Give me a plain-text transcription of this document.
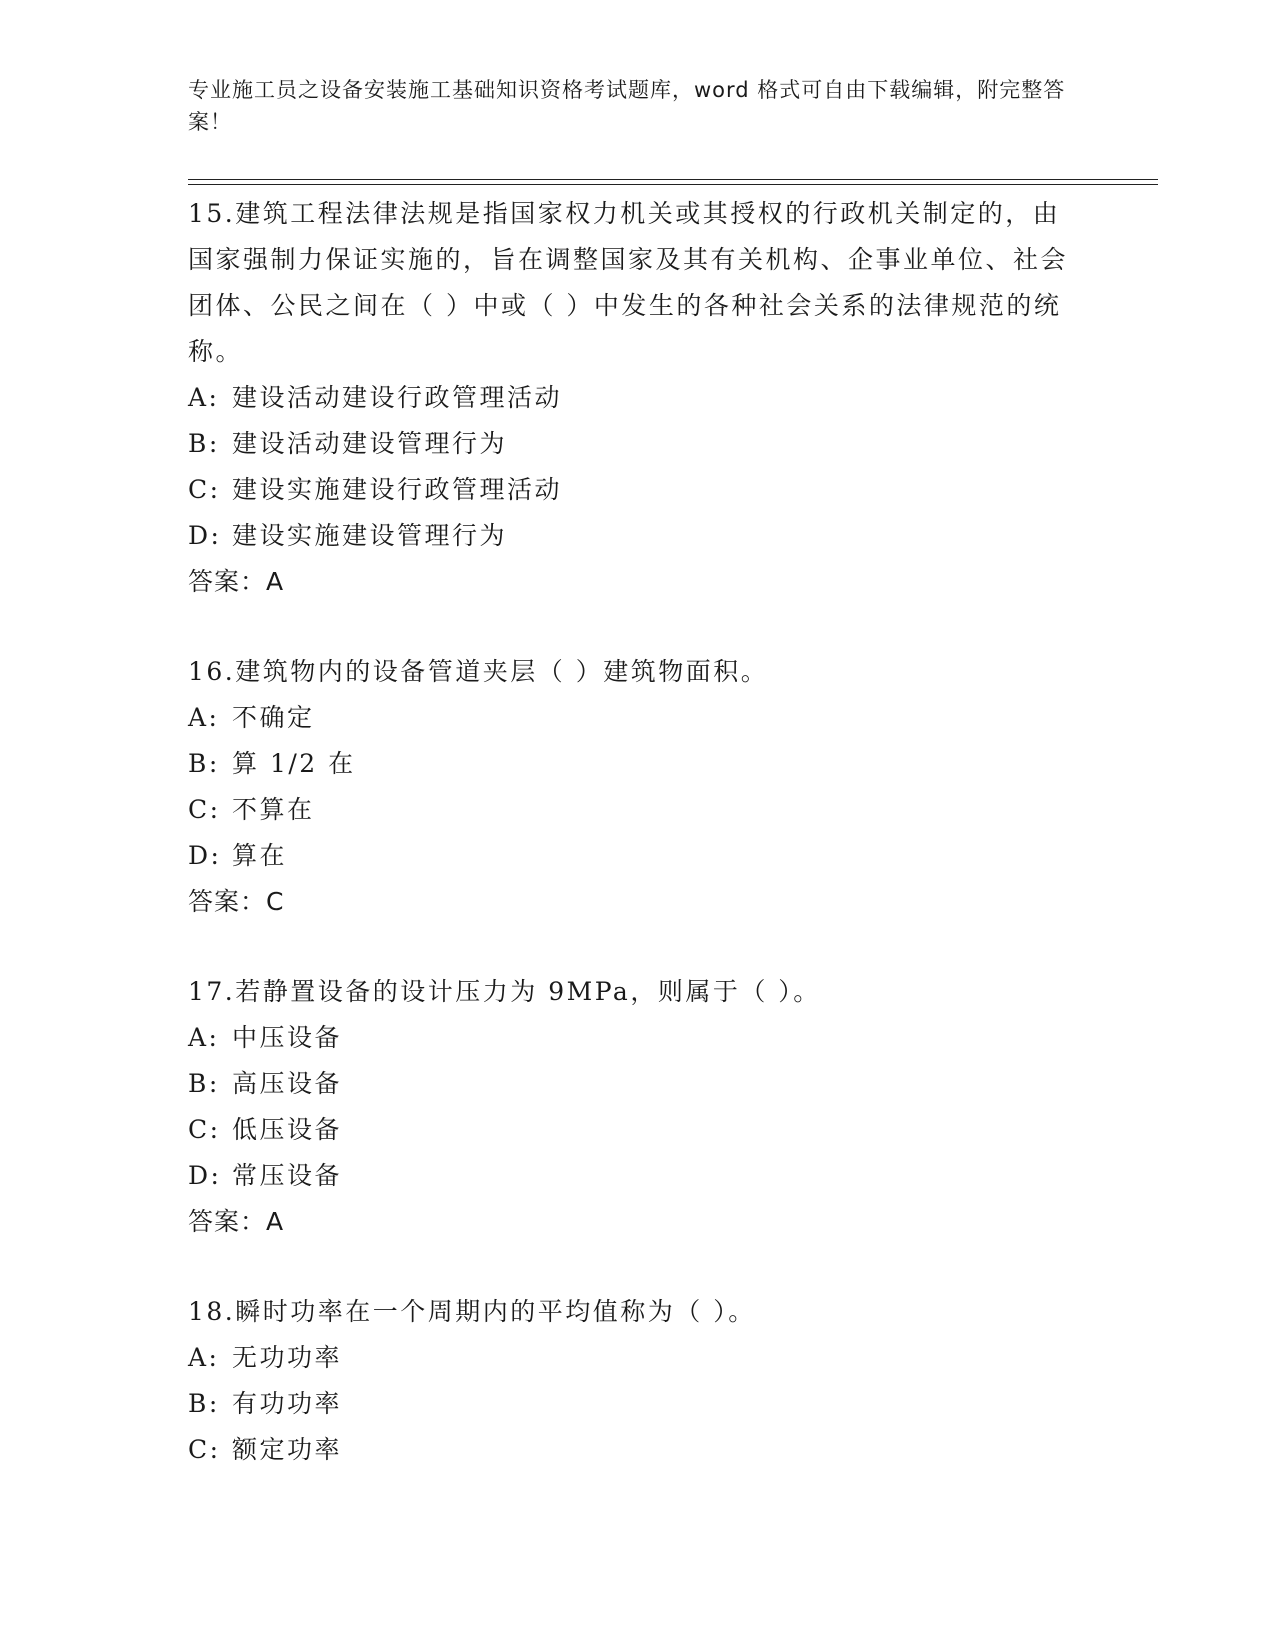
专业施工员之设备安装施工基础知识资格考试题库，word 格式可自由下载编辑，附完整答案！
15.建筑工程法律法规是指国家权力机关或其授权的行政机关制定的，由国家强制力保证实施的，旨在调整国家及其有关机构、企事业单位、社会团体、公民之间在（ ）中或（ ）中发生的各种社会关系的法律规范的统称。
A: 建设活动建设行政管理活动
B: 建设活动建设管理行为
C: 建设实施建设行政管理活动
D: 建设实施建设管理行为
答案：A
16.建筑物内的设备管道夹层（ ）建筑物面积。
A: 不确定
B: 算 1/2 在
C: 不算在
D: 算在
答案：C
17.若静置设备的设计压力为 9MPa，则属于（ ）。
A: 中压设备
B: 高压设备
C: 低压设备
D: 常压设备
答案：A
18.瞬时功率在一个周期内的平均值称为（ ）。
A: 无功功率
B: 有功功率
C: 额定功率
